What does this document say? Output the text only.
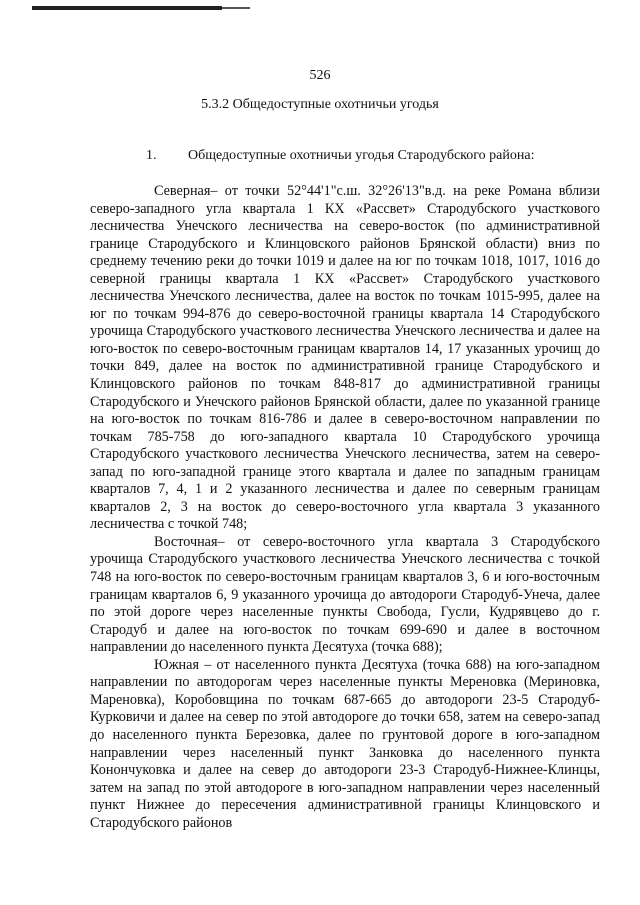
526
5.3.2 Общедоступные охотничьи угодья
1. Общедоступные охотничьи угодья Стародубского района:

Северная– от точки 52°44'1"с.ш. 32°26'13"в.д. на реке Романа вблизи северо-западного угла квартала 1 КХ «Рассвет» Стародубского участкового лесничества Унечского лесничества на северо-восток (по административной границе Стародубского и Клинцовского районов Брянской области) вниз по среднему течению реки до точки 1019 и далее на юг по точкам 1018, 1017, 1016 до северной границы квартала 1 КХ «Рассвет» Стародубского участкового лесничества Унечского лесничества, далее на восток по точкам 1015-995, далее на юг по точкам 994-876 до северо-восточной границы квартала 14 Стародубского урочища Стародубского участкового лесничества Унечского лесничества и далее на юго-восток по северо-восточным границам кварталов 14, 17 указанных урочищ до точки 849, далее на восток по административной границе Стародубского и Клинцовского районов по точкам 848-817 до административной границы Стародубского и Унечского районов Брянской области, далее по указанной границе на юго-восток по точкам 816-786 и далее в северо-восточном направлении по точкам 785-758 до юго-западного квартала 10 Стародубского урочища Стародубского участкового лесничества Унечского лесничества, затем на северо-запад по юго-западной границе этого квартала и далее по западным границам кварталов 7, 4, 1 и 2 указанного лесничества и далее по северным границам кварталов 2, 3 на восток до северо-восточного угла квартала 3 указанного лесничества с точкой 748;

Восточная– от северо-восточного угла квартала 3 Стародубского урочища Стародубского участкового лесничества Унечского лесничества с точкой 748 на юго-восток по северо-восточным границам кварталов 3, 6 и юго-восточным границам кварталов 6, 9 указанного урочища до автодороги Стародуб-Унеча, далее по этой дороге через населенные пункты Свобода, Гусли, Кудрявцево до г. Стародуб и далее на юго-восток по точкам 699-690 и далее в восточном направлении до населенного пункта Десятуха (точка 688);

Южная – от населенного пункта Десятуха (точка 688) на юго-западном направлении по автодорогам через населенные пункты Мереновка (Мериновка, Мареновка), Коробовщина по точкам 687-665 до автодороги 23-5 Стародуб-Курковичи и далее на север по этой автодороге до точки 658, затем на северо-запад до населенного пункта Березовка, далее по грунтовой дороге в юго-западном направлении через населенный пункт Занковка до населенного пункта Конончуковка и далее на север до автодороги 23-3 Стародуб-Нижнее-Клинцы, затем на запад по этой автодороге в юго-западном направлении через населенный пункт Нижнее до пересечения административной границы Клинцовского и Стародубского районов
